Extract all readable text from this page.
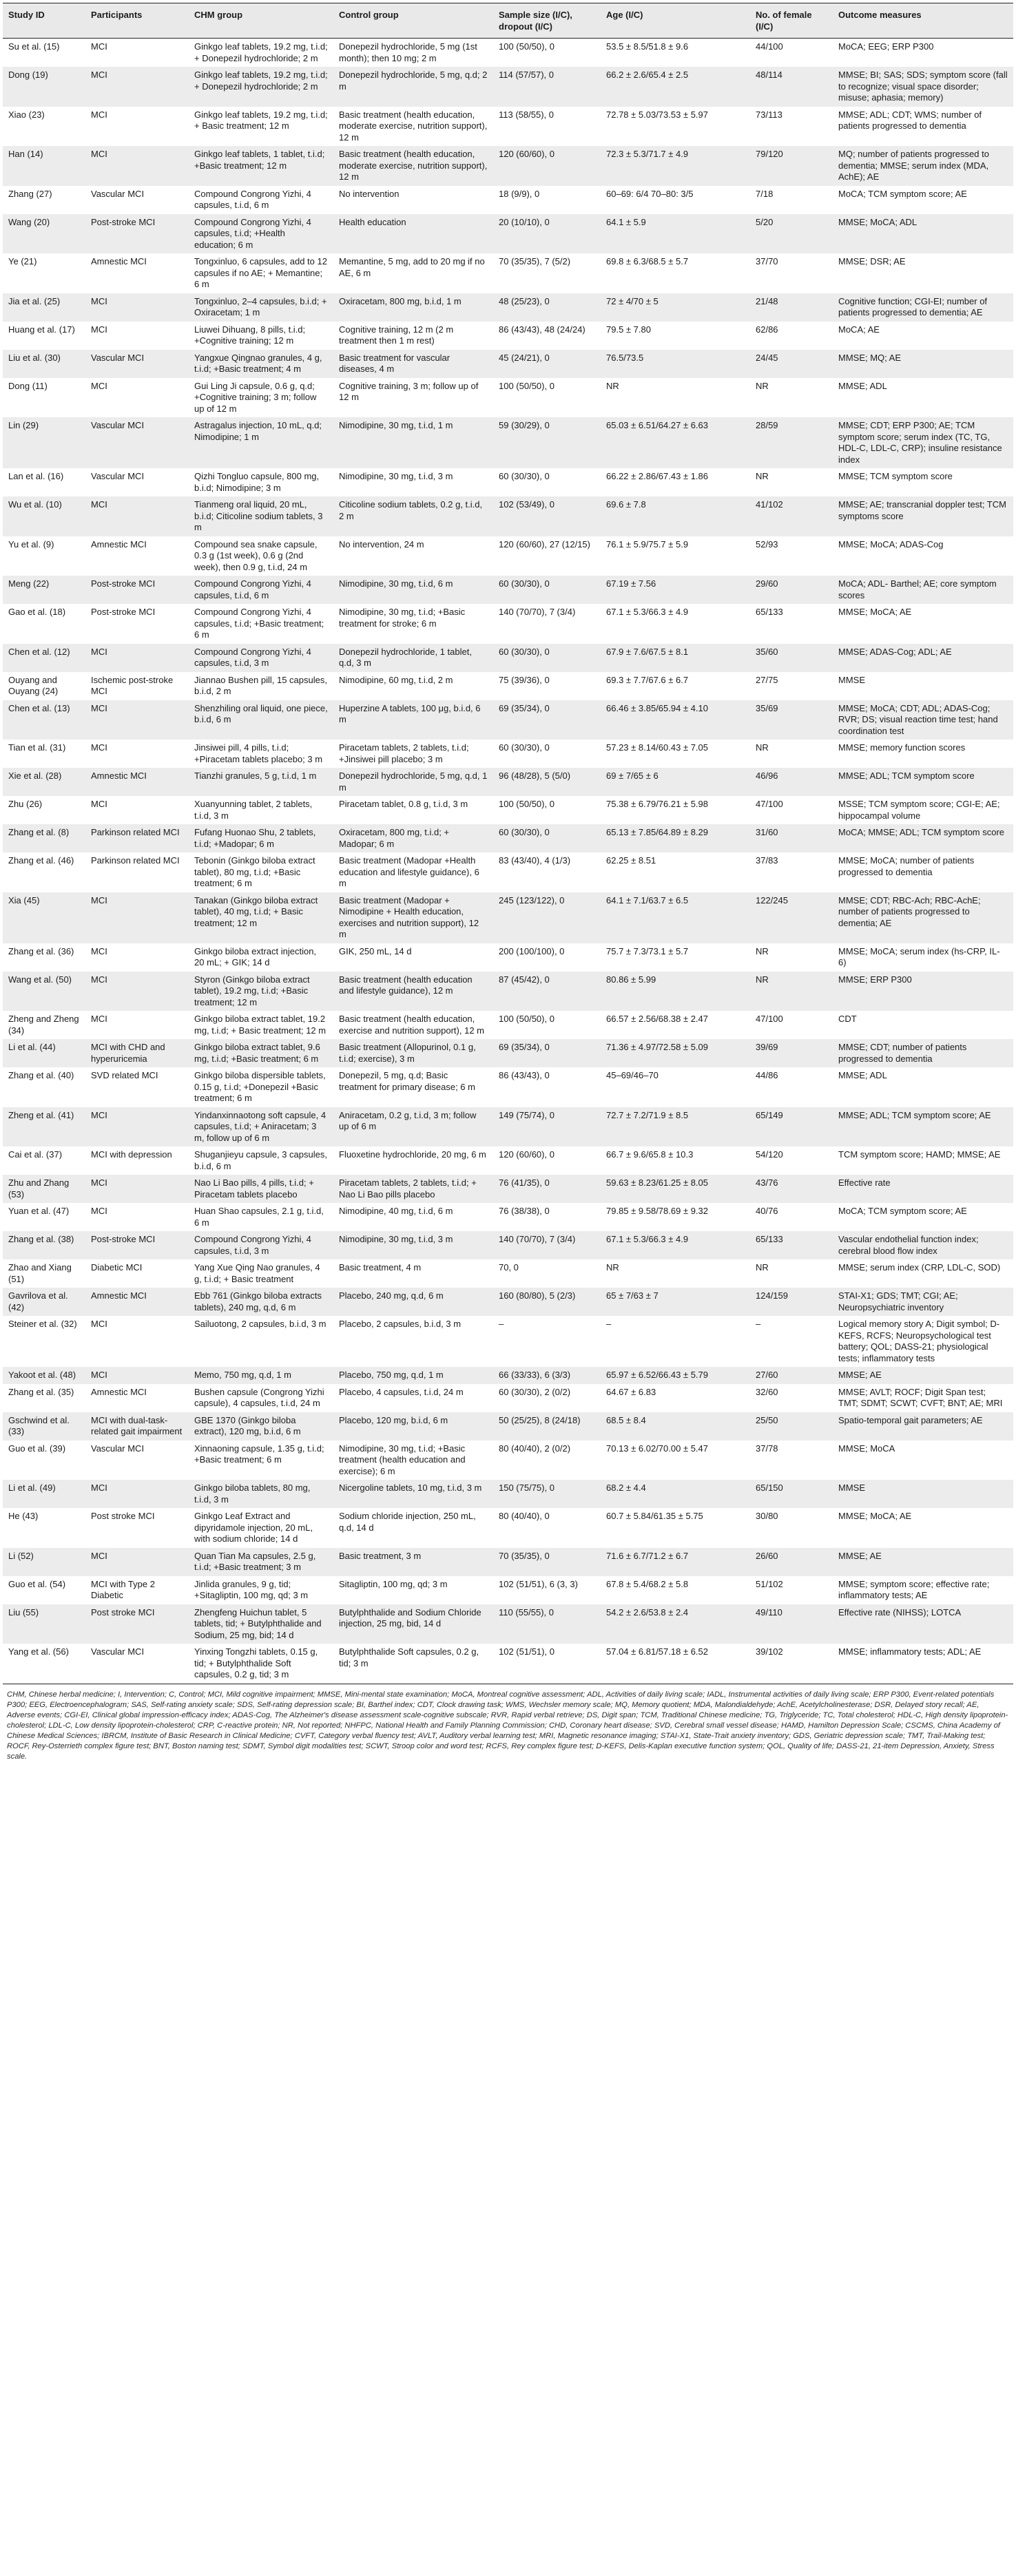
Study ID	Participants	CHM group	Control group	Sample size (I/C), dropout (I/C)	Age (I/C)	No. of female (I/C)	Outcome measures
Su et al. (15)	MCI	Ginkgo leaf tablets, 19.2 mg, t.i.d; + Donepezil hydrochloride; 2 m	Donepezil hydrochloride, 5 mg (1st month); then 10 mg; 2 m	100 (50/50), 0	53.5 ± 8.5/51.8 ± 9.6	44/100	MoCA; EEG; ERP P300
Dong (19)	MCI	Ginkgo leaf tablets, 19.2 mg, t.i.d; + Donepezil hydrochloride; 2 m	Donepezil hydrochloride, 5 mg, q.d; 2 m	114 (57/57), 0	66.2 ± 2.6/65.4 ± 2.5	48/114	MMSE; BI; SAS; SDS; symptom score (fall to recognize; visual space disorder; misuse; aphasia; memory)
Xiao (23)	MCI	Ginkgo leaf tablets, 19.2 mg, t.i.d; + Basic treatment; 12 m	Basic treatment (health education, moderate exercise, nutrition support), 12 m	113 (58/55), 0	72.78 ± 5.03/73.53 ± 5.97	73/113	MMSE; ADL; CDT; WMS; number of patients progressed to dementia
Han (14)	MCI	Ginkgo leaf tablets, 1 tablet, t.i.d; +Basic treatment; 12 m	Basic treatment (health education, moderate exercise, nutrition support), 12 m	120 (60/60), 0	72.3 ± 5.3/71.7 ± 4.9	79/120	MQ; number of patients progressed to dementia; MMSE; serum index (MDA, AchE); AE
Zhang (27)	Vascular MCI	Compound Congrong Yizhi, 4 capsules, t.i.d, 6 m	No intervention	18 (9/9), 0	60–69: 6/4 70–80: 3/5	7/18	MoCA; TCM symptom score; AE
Wang (20)	Post-stroke MCI	Compound Congrong Yizhi, 4 capsules, t.i.d; +Health education; 6 m	Health education	20 (10/10), 0	64.1 ± 5.9	5/20	MMSE; MoCA; ADL
Ye (21)	Amnestic MCI	Tongxinluo, 6 capsules, add to 12 capsules if no AE; + Memantine; 6 m	Memantine, 5 mg, add to 20 mg if no AE, 6 m	70 (35/35), 7 (5/2)	69.8 ± 6.3/68.5 ± 5.7	37/70	MMSE; DSR; AE
Jia et al. (25)	MCI	Tongxinluo, 2–4 capsules, b.i.d; + Oxiracetam; 1 m	Oxiracetam, 800 mg, b.i.d, 1 m	48 (25/23), 0	72 ± 4/70 ± 5	21/48	Cognitive function; CGI-EI; number of patients progressed to dementia; AE
Huang et al. (17)	MCI	Liuwei Dihuang, 8 pills, t.i.d; +Cognitive training; 12 m	Cognitive training, 12 m (2 m treatment then 1 m rest)	86 (43/43), 48 (24/24)	79.5 ± 7.80	62/86	MoCA; AE
Liu et al. (30)	Vascular MCI	Yangxue Qingnao granules, 4 g, t.i.d; +Basic treatment; 4 m	Basic treatment for vascular diseases, 4 m	45 (24/21), 0	76.5/73.5	24/45	MMSE; MQ; AE
Dong (11)	MCI	Gui Ling Ji capsule, 0.6 g, q.d; +Cognitive training; 3 m; follow up of 12 m	Cognitive training, 3 m; follow up of 12 m	100 (50/50), 0	NR	NR	MMSE; ADL
Lin (29)	Vascular MCI	Astragalus injection, 10 mL, q.d; Nimodipine; 1 m	Nimodipine, 30 mg, t.i.d, 1 m	59 (30/29), 0	65.03 ± 6.51/64.27 ± 6.63	28/59	MMSE; CDT; ERP P300; AE; TCM symptom score; serum index (TC, TG, HDL-C, LDL-C, CRP); insuline resistance index
Lan et al. (16)	Vascular MCI	Qizhi Tongluo capsule, 800 mg, b.i.d; Nimodipine; 3 m	Nimodipine, 30 mg, t.i.d, 3 m	60 (30/30), 0	66.22 ± 2.86/67.43 ± 1.86	NR	MMSE; TCM symptom score
Wu et al. (10)	MCI	Tianmeng oral liquid, 20 mL, b.i.d; Citicoline sodium tablets, 3 m	Citicoline sodium tablets, 0.2 g, t.i.d, 2 m	102 (53/49), 0	69.6 ± 7.8	41/102	MMSE; AE; transcranial doppler test; TCM symptoms score
Yu et al. (9)	Amnestic MCI	Compound sea snake capsule, 0.3 g (1st week), 0.6 g (2nd week), then 0.9 g, t.i.d, 24 m	No intervention, 24 m	120 (60/60), 27 (12/15)	76.1 ± 5.9/75.7 ± 5.9	52/93	MMSE; MoCA; ADAS-Cog
Meng (22)	Post-stroke MCI	Compound Congrong Yizhi, 4 capsules, t.i.d, 6 m	Nimodipine, 30 mg, t.i.d, 6 m	60 (30/30), 0	67.19 ± 7.56	29/60	MoCA; ADL- Barthel; AE; core symptom scores
Gao et al. (18)	Post-stroke MCI	Compound Congrong Yizhi, 4 capsules, t.i.d; +Basic treatment; 6 m	Nimodipine, 30 mg, t.i.d; +Basic treatment for stroke; 6 m	140 (70/70), 7 (3/4)	67.1 ± 5.3/66.3 ± 4.9	65/133	MMSE; MoCA; AE
Chen et al. (12)	MCI	Compound Congrong Yizhi, 4 capsules, t.i.d, 3 m	Donepezil hydrochloride, 1 tablet, q.d, 3 m	60 (30/30), 0	67.9 ± 7.6/67.5 ± 8.1	35/60	MMSE; ADAS-Cog; ADL; AE
Ouyang and Ouyang (24)	Ischemic post-stroke MCI	Jiannao Bushen pill, 15 capsules, b.i.d, 2 m	Nimodipine, 60 mg, t.i.d, 2 m	75 (39/36), 0	69.3 ± 7.7/67.6 ± 6.7	27/75	MMSE
Chen et al. (13)	MCI	Shenzhiling oral liquid, one piece, b.i.d, 6 m	Huperzine A tablets, 100 μg, b.i.d, 6 m	69 (35/34), 0	66.46 ± 3.85/65.94 ± 4.10	35/69	MMSE; MoCA; CDT; ADL; ADAS-Cog; RVR; DS; visual reaction time test; hand coordination test
Tian et al. (31)	MCI	Jinsiwei pill, 4 pills, t.i.d; +Piracetam tablets placebo; 3 m	Piracetam tablets, 2 tablets, t.i.d; +Jinsiwei pill placebo; 3 m	60 (30/30), 0	57.23 ± 8.14/60.43 ± 7.05	NR	MMSE; memory function scores
Xie et al. (28)	Amnestic MCI	Tianzhi granules, 5 g, t.i.d, 1 m	Donepezil hydrochloride, 5 mg, q.d, 1 m	96 (48/28), 5 (5/0)	69 ± 7/65 ± 6	46/96	MMSE; ADL; TCM symptom score
Zhu (26)	MCI	Xuanyunning tablet, 2 tablets, t.i.d, 3 m	Piracetam tablet, 0.8 g, t.i.d, 3 m	100 (50/50), 0	75.38 ± 6.79/76.21 ± 5.98	47/100	MSSE; TCM symptom score; CGI-E; AE; hippocampal volume
Zhang et al. (8)	Parkinson related MCI	Fufang Huonao Shu, 2 tablets, t.i.d; +Madopar; 6 m	Oxiracetam, 800 mg, t.i.d; + Madopar; 6 m	60 (30/30), 0	65.13 ± 7.85/64.89 ± 8.29	31/60	MoCA; MMSE; ADL; TCM symptom score
Zhang et al. (46)	Parkinson related MCI	Tebonin (Ginkgo biloba extract tablet), 80 mg, t.i.d; +Basic treatment; 6 m	Basic treatment (Madopar +Health education and lifestyle guidance), 6 m	83 (43/40), 4 (1/3)	62.25 ± 8.51	37/83	MMSE; MoCA; number of patients progressed to dementia
Xia (45)	MCI	Tanakan (Ginkgo biloba extract tablet), 40 mg, t.i.d; + Basic treatment; 12 m	Basic treatment (Madopar + Nimodipine + Health education, exercises and nutrition support), 12 m	245 (123/122), 0	64.1 ± 7.1/63.7 ± 6.5	122/245	MMSE; CDT; RBC-Ach; RBC-AchE; number of patients progressed to dementia; AE
Zhang et al. (36)	MCI	Ginkgo biloba extract injection, 20 mL; + GIK; 14 d	GIK, 250 mL, 14 d	200 (100/100), 0	75.7 ± 7.3/73.1 ± 5.7	NR	MMSE; MoCA; serum index (hs-CRP, IL-6)
Wang et al. (50)	MCI	Styron (Ginkgo biloba extract tablet), 19.2 mg, t.i.d; +Basic treatment; 12 m	Basic treatment (health education and lifestyle guidance), 12 m	87 (45/42), 0	80.86 ± 5.99	NR	MMSE; ERP P300
Zheng and Zheng (34)	MCI	Ginkgo biloba extract tablet, 19.2 mg, t.i.d; + Basic treatment; 12 m	Basic treatment (health education, exercise and nutrition support), 12 m	100 (50/50), 0	66.57 ± 2.56/68.38 ± 2.47	47/100	CDT
Li et al. (44)	MCI with CHD and hyperuricemia	Ginkgo biloba extract tablet, 9.6 mg, t.i.d; +Basic treatment; 6 m	Basic treatment (Allopurinol, 0.1 g, t.i.d; exercise), 3 m	69 (35/34), 0	71.36 ± 4.97/72.58 ± 5.09	39/69	MMSE; CDT; number of patients progressed to dementia
Zhang et al. (40)	SVD related MCI	Ginkgo biloba dispersible tablets, 0.15 g, t.i.d; +Donepezil +Basic treatment; 6 m	Donepezil, 5 mg, q.d; Basic treatment for primary disease; 6 m	86 (43/43), 0	45–69/46–70	44/86	MMSE; ADL
Zheng et al. (41)	MCI	Yindanxinnaotong soft capsule, 4 capsules, t.i.d; + Aniracetam; 3 m, follow up of 6 m	Aniracetam, 0.2 g, t.i.d, 3 m; follow up of 6 m	149 (75/74), 0	72.7 ± 7.2/71.9 ± 8.5	65/149	MMSE; ADL; TCM symptom score; AE
Cai et al. (37)	MCI with depression	Shuganjieyu capsule, 3 capsules, b.i.d, 6 m	Fluoxetine hydrochloride, 20 mg, 6 m	120 (60/60), 0	66.7 ± 9.6/65.8 ± 10.3	54/120	TCM symptom score; HAMD; MMSE; AE
Zhu and Zhang (53)	MCI	Nao Li Bao pills, 4 pills, t.i.d; + Piracetam tablets placebo	Piracetam tablets, 2 tablets, t.i.d; + Nao Li Bao pills placebo	76 (41/35), 0	59.63 ± 8.23/61.25 ± 8.05	43/76	Effective rate
Yuan et al. (47)	MCI	Huan Shao capsules, 2.1 g, t.i.d, 6 m	Nimodipine, 40 mg, t.i.d, 6 m	76 (38/38), 0	79.85 ± 9.58/78.69 ± 9.32	40/76	MoCA; TCM symptom score; AE
Zhang et al. (38)	Post-stroke MCI	Compound Congrong Yizhi, 4 capsules, t.i.d, 3 m	Nimodipine, 30 mg, t.i.d, 3 m	140 (70/70), 7 (3/4)	67.1 ± 5.3/66.3 ± 4.9	65/133	Vascular endothelial function index; cerebral blood flow index
Zhao and Xiang (51)	Diabetic MCI	Yang Xue Qing Nao granules, 4 g, t.i.d; + Basic treatment	Basic treatment, 4 m	70, 0	NR	NR	MMSE; serum index (CRP, LDL-C, SOD)
Gavrilova et al. (42)	Amnestic MCI	Ebb 761 (Ginkgo biloba extracts tablets), 240 mg, q.d, 6 m	Placebo, 240 mg, q.d, 6 m	160 (80/80), 5 (2/3)	65 ± 7/63 ± 7	124/159	STAI-X1; GDS; TMT; CGI; AE; Neuropsychiatric inventory
Steiner et al. (32)	MCI	Sailuotong, 2 capsules, b.i.d, 3 m	Placebo, 2 capsules, b.i.d, 3 m	–	–	–	Logical memory story A; Digit symbol; D-KEFS, RCFS; Neuropsychological test battery; QOL; DASS-21; physiological tests; inflammatory tests
Yakoot et al. (48)	MCI	Memo, 750 mg, q.d, 1 m	Placebo, 750 mg, q.d, 1 m	66 (33/33), 6 (3/3)	65.97 ± 6.52/66.43 ± 5.79	27/60	MMSE; AE
Zhang et al. (35)	Amnestic MCI	Bushen capsule (Congrong Yizhi capsule), 4 capsules, t.i.d, 24 m	Placebo, 4 capsules, t.i.d, 24 m	60 (30/30), 2 (0/2)	64.67 ± 6.83	32/60	MMSE; AVLT; ROCF; Digit Span test; TMT; SDMT; SCWT; CVFT; BNT; AE; MRI
Gschwind et al. (33)	MCI with dual-task-related gait impairment	GBE 1370 (Ginkgo biloba extract), 120 mg, b.i.d, 6 m	Placebo, 120 mg, b.i.d, 6 m	50 (25/25), 8 (24/18)	68.5 ± 8.4	25/50	Spatio-temporal gait parameters; AE
Guo et al. (39)	Vascular MCI	Xinnaoning capsule, 1.35 g, t.i.d; +Basic treatment; 6 m	Nimodipine, 30 mg, t.i.d; +Basic treatment (health education and exercise); 6 m	80 (40/40), 2 (0/2)	70.13 ± 6.02/70.00 ± 5.47	37/78	MMSE; MoCA
Li et al. (49)	MCI	Ginkgo biloba tablets, 80 mg, t.i.d, 3 m	Nicergoline tablets, 10 mg, t.i.d, 3 m	150 (75/75), 0	68.2 ± 4.4	65/150	MMSE
He (43)	Post stroke MCI	Ginkgo Leaf Extract and dipyridamole injection, 20 mL, with sodium chloride; 14 d	Sodium chloride injection, 250 mL, q.d, 14 d	80 (40/40), 0	60.7 ± 5.84/61.35 ± 5.75	30/80	MMSE; MoCA; AE
Li (52)	MCI	Quan Tian Ma capsules, 2.5 g, t.i.d; +Basic treatment; 3 m	Basic treatment, 3 m	70 (35/35), 0	71.6 ± 6.7/71.2 ± 6.7	26/60	MMSE; AE
Guo et al. (54)	MCI with Type 2 Diabetic	Jinlida granules, 9 g, tid; +Sitagliptin, 100 mg, qd; 3 m	Sitagliptin, 100 mg, qd; 3 m	102 (51/51), 6 (3, 3)	67.8 ± 5.4/68.2 ± 5.8	51/102	MMSE; symptom score; effective rate; inflammatory tests; AE
Liu (55)	Post stroke MCI	Zhengfeng Huichun tablet, 5 tablets, tid; + Butylphthalide and Sodium, 25 mg, bid; 14 d	Butylphthalide and Sodium Chloride injection, 25 mg, bid, 14 d	110 (55/55), 0	54.2 ± 2.6/53.8 ± 2.4	49/110	Effective rate (NIHSS); LOTCA
Yang et al. (56)	Vascular MCI	Yinxing Tongzhi tablets, 0.15 g, tid; + Butylphthalide Soft capsules, 0.2 g, tid; 3 m	Butylphthalide Soft capsules, 0.2 g, tid; 3 m	102 (51/51), 0	57.04 ± 6.81/57.18 ± 6.52	39/102	MMSE; inflammatory tests; ADL; AE
CHM, Chinese herbal medicine; I, Intervention; C, Control; MCI, Mild cognitive impairment; MMSE, Mini-mental state examination; MoCA, Montreal cognitive assessment; ADL, Activities of daily living scale; IADL, Instrumental activities of daily living scale; ERP P300, Event-related potentials P300; EEG, Electroencephalogram; SAS, Self-rating anxiety scale; SDS, Self-rating depression scale; BI, Barthel index; CDT, Clock drawing task; WMS, Wechsler memory scale; MQ, Memory quotient; MDA, Malondialdehyde; AchE, Acetylcholinesterase; DSR, Delayed story recall; AE, Adverse events; CGI-EI, Clinical global impression-efficacy index; ADAS-Cog, The Alzheimer's disease assessment scale-cognitive subscale; RVR, Rapid verbal retrieve; DS, Digit span; TCM, Traditional Chinese medicine; TG, Triglyceride; TC, Total cholesterol; HDL-C, High density lipoprotein-cholesterol; LDL-C, Low density lipoprotein-cholesterol; CRP, C-reactive protein; NR, Not reported; NHFPC, National Health and Family Planning Commission; CHD, Coronary heart disease; SVD, Cerebral small vessel disease; HAMD, Hamilton Depression Scale; CSCMS, China Academy of Chinese Medical Sciences; IBRCM, Institute of Basic Research in Clinical Medicine; CVFT, Category verbal fluency test; AVLT, Auditory verbal learning test; MRI, Magnetic resonance imaging; STAI-X1, State-Trait anxiety inventory; GDS, Geriatric depression scale; TMT, Trail-Making test; ROCF, Rey-Osterrieth complex figure test; BNT, Boston naming test; SDMT, Symbol digit modalities test; SCWT, Stroop color and word test; RCFS, Rey complex figure test; D-KEFS, Delis-Kaplan executive function system; QOL, Quality of life; DASS-21, 21-item Depression, Anxiety, Stress scale.
